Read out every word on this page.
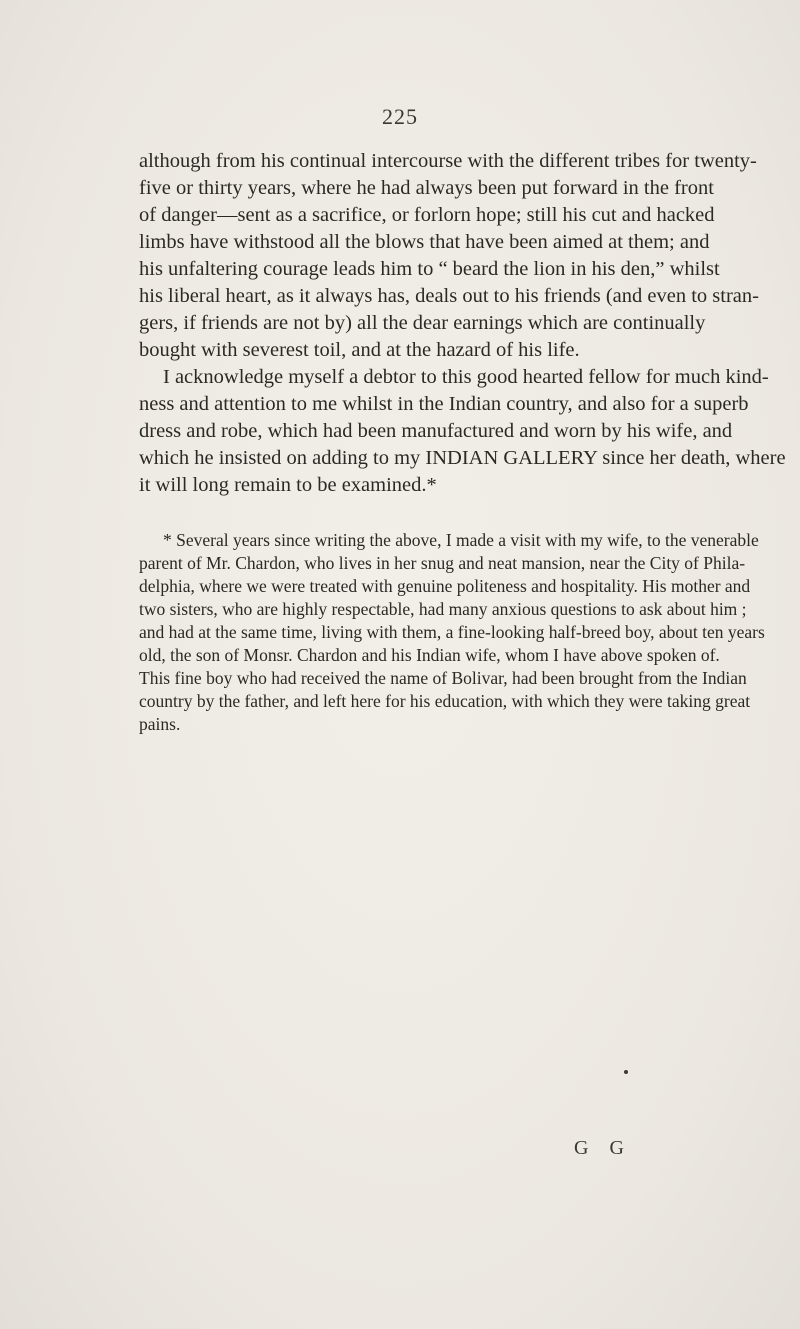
225
although from his continual intercourse with the different tribes for twenty-
five or thirty years, where he had always been put forward in the front
of danger—sent as a sacrifice, or forlorn hope; still his cut and hacked
limbs have withstood all the blows that have been aimed at them; and
his unfaltering courage leads him to “ beard the lion in his den,” whilst
his liberal heart, as it always has, deals out to his friends (and even to stran-
gers, if friends are not by) all the dear earnings which are continually
bought with severest toil, and at the hazard of his life.
I acknowledge myself a debtor to this good hearted fellow for much kind-
ness and attention to me whilst in the Indian country, and also for a superb
dress and robe, which had been manufactured and worn by his wife, and
which he insisted on adding to my INDIAN GALLERY since her death, where
it will long remain to be examined.*
* Several years since writing the above, I made a visit with my wife, to the venerable
parent of Mr. Chardon, who lives in her snug and neat mansion, near the City of Phila-
delphia, where we were treated with genuine politeness and hospitality. His mother and
two sisters, who are highly respectable, had many anxious questions to ask about him ;
and had at the same time, living with them, a fine-looking half-breed boy, about ten years
old, the son of Monsr. Chardon and his Indian wife, whom I have above spoken of.
This fine boy who had received the name of Bolivar, had been brought from the Indian
country by the father, and left here for his education, with which they were taking great
pains.
G G
